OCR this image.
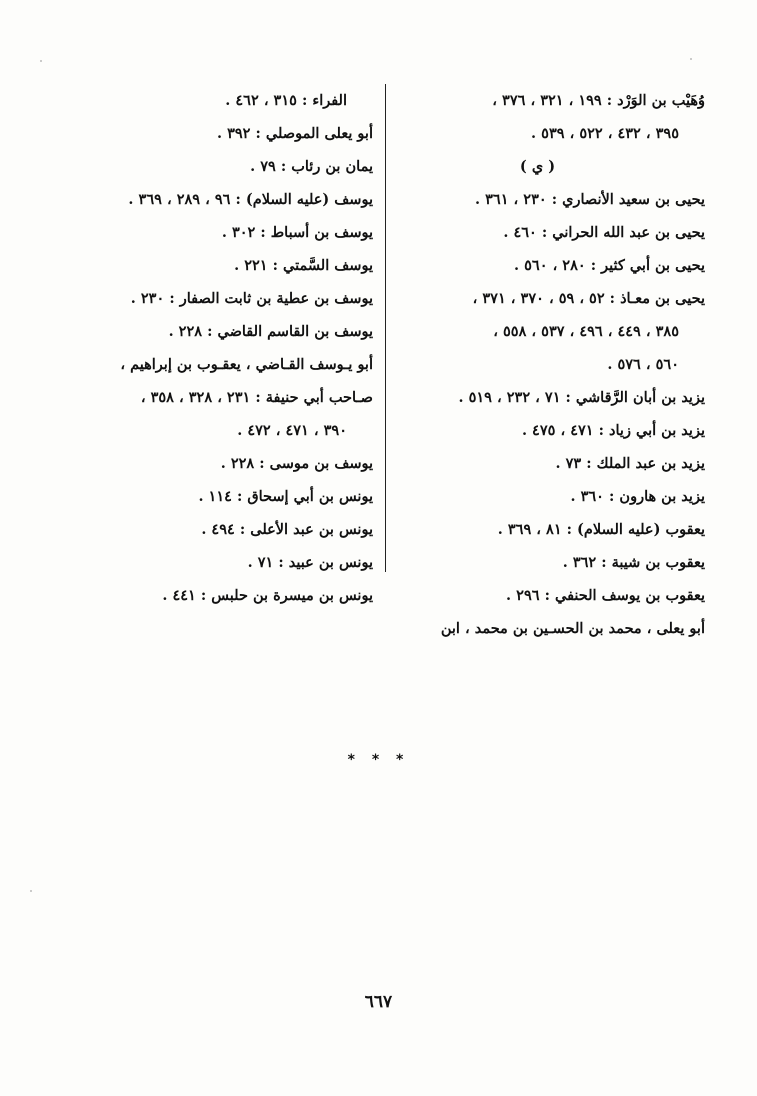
وُهَيْب بن الوَرْد : ١٩٩ ، ٣٢١ ، ٣٧٦ ،
٣٩٥ ، ٤٣٢ ، ٥٢٢ ، ٥٣٩ .
( ي )
يحيى بن سعيد الأنصاري : ٢٣٠ ، ٣٦١ .
يحيى بن عبد الله الحراني : ٤٦٠ .
يحيى بن أبي كثير : ٢٨٠ ، ٥٦٠ .
يحيى بن معـاذ : ٥٢ ، ٥٩ ، ٣٧٠ ، ٣٧١ ،
٣٨٥ ، ٤٤٩ ، ٤٩٦ ، ٥٣٧ ، ٥٥٨ ،
٥٦٠ ، ٥٧٦ .
يزيد بن أبان الرَّقاشي : ٧١ ، ٢٣٢ ، ٥١٩ .
يزيد بن أبي زياد : ٤٧١ ، ٤٧٥ .
يزيد بن عبد الملك : ٧٣ .
يزيد بن هارون : ٣٦٠ .
يعقوب (عليه السلام) : ٨١ ، ٣٦٩ .
يعقوب بن شيبة : ٣٦٢ .
يعقوب بن يوسف الحنفي : ٢٩٦ .
أبو يعلى ، محمد بن الحسـين بن محمد ، ابن
الفراء : ٣١٥ ، ٤٦٢ .
أبو يعلى الموصلي : ٣٩٢ .
يمان بن رئاب : ٧٩ .
يوسف (عليه السلام) : ٩٦ ، ٢٨٩ ، ٣٦٩ .
يوسف بن أسباط : ٣٠٢ .
يوسف السَّمتي : ٢٢١ .
يوسف بن عطية بن ثابت الصفار : ٢٣٠ .
يوسف بن القاسم القاضي : ٢٢٨ .
أبو يـوسف القـاضي ، يعقـوب بن إبراهيم ،
صـاحب أبي حنيفة : ٢٣١ ، ٣٢٨ ، ٣٥٨ ،
٣٩٠ ، ٤٧١ ، ٤٧٢ .
يوسف بن موسى : ٢٢٨ .
يونس بن أبي إسحاق : ١١٤ .
يونس بن عبد الأعلى : ٤٩٤ .
يونس بن عبيد : ٧١ .
يونس بن ميسرة بن حلبس : ٤٤١ .
* * *
٦٦٧
